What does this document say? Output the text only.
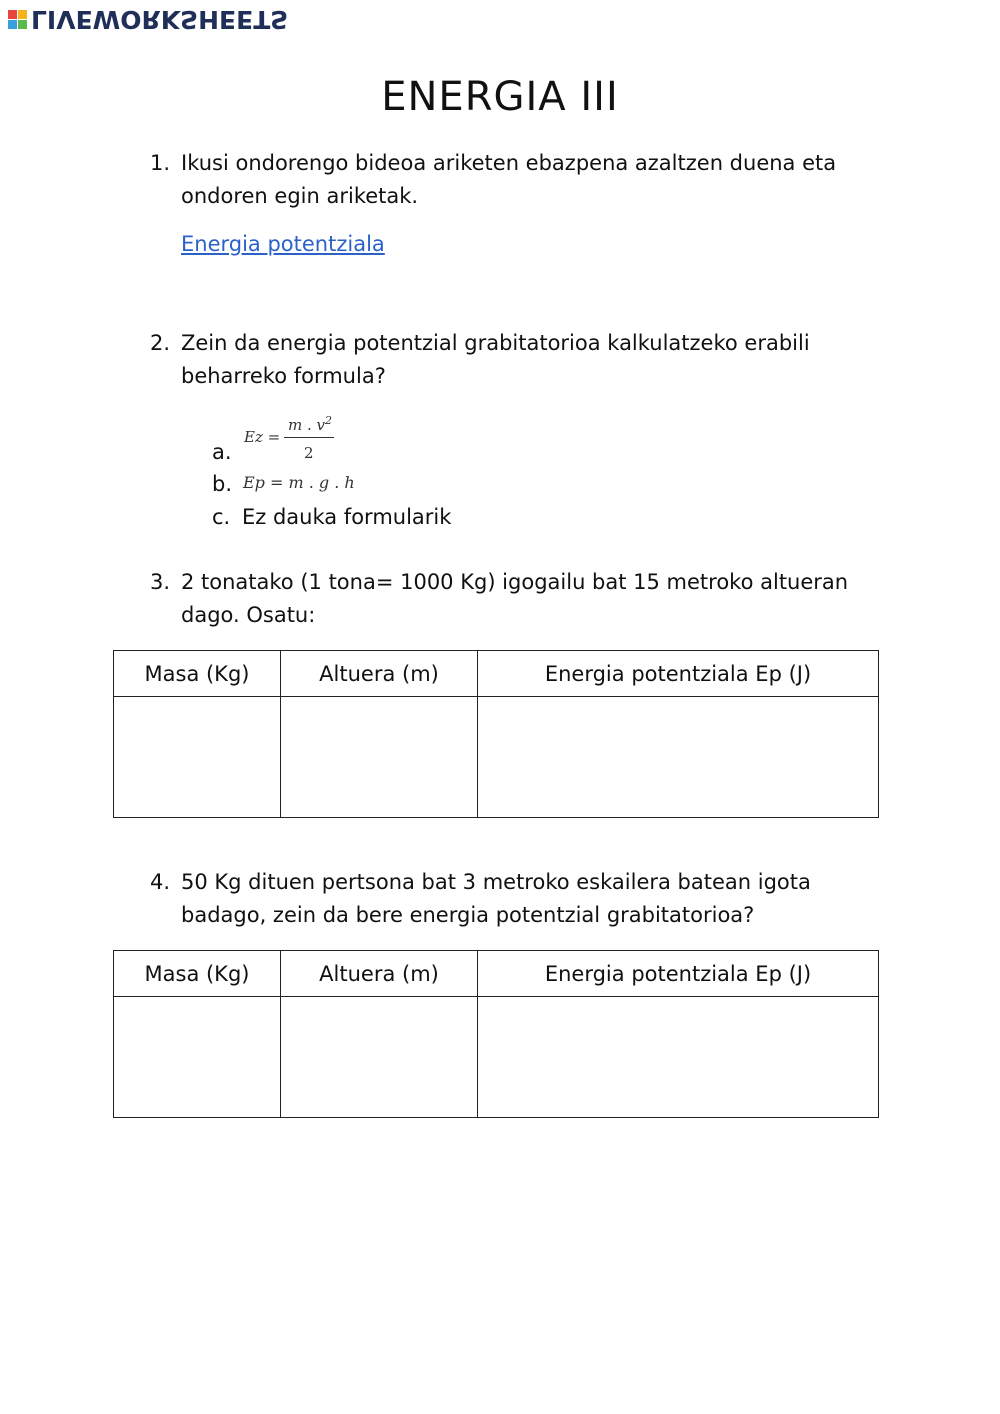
LIVEWORKSHEETS
ENERGIA III
1. Ikusi ondorengo bideoa ariketen ebazpena azaltzen duena eta ondoren egin ariketak.
Energia potentziala
2. Zein da energia potentzial grabitatorioa kalkulatzeko erabili beharreko formula?
a.
Ez =
m . $v^2$
2
b. Ep = m . g . h
c. Ez dauka formularik
3. 2 tonatako (1 tona= 1000 Kg) igogailu bat 15 metroko altueran dago. Osatu:
Masa (Kg)	Altuera (m)	Energia potentziala Ep (J)

4. 50 Kg dituen pertsona bat 3 metroko eskailera batean igota badago, zein da bere energia potentzial grabitatorioa?
Masa (Kg)	Altuera (m)	Energia potentziala Ep (J)
